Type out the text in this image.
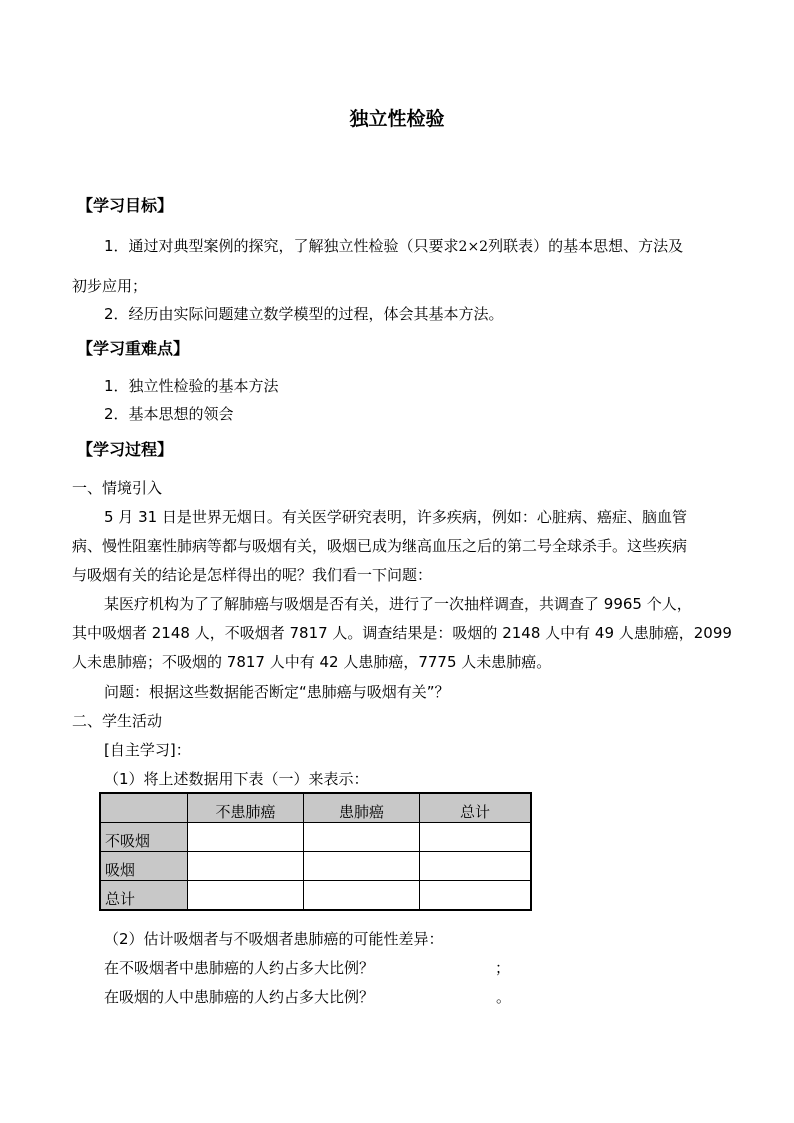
独立性检验
【学习目标】
1．通过对典型案例的探究，了解独立性检验（只要求2×2列联表）的基本思想、方法及
初步应用；
2．经历由实际问题建立数学模型的过程，体会其基本方法。
【学习重难点】
1．独立性检验的基本方法
2．基本思想的领会
【学习过程】
一、情境引入
5 月 31 日是世界无烟日。有关医学研究表明，许多疾病，例如：心脏病、癌症、脑血管
病、慢性阻塞性肺病等都与吸烟有关，吸烟已成为继高血压之后的第二号全球杀手。这些疾病
与吸烟有关的结论是怎样得出的呢？我们看一下问题：
某医疗机构为了了解肺癌与吸烟是否有关，进行了一次抽样调查，共调查了 9965 个人，
其中吸烟者 2148 人，不吸烟者 7817 人。调查结果是：吸烟的 2148 人中有 49 人患肺癌，2099
人未患肺癌；不吸烟的 7817 人中有 42 人患肺癌，7775 人未患肺癌。
问题：根据这些数据能否断定“患肺癌与吸烟有关”？
二、学生活动
[自主学习]：
（1）将上述数据用下表（一）来表示：
	不患肺癌	患肺癌	总计
不吸烟			
吸烟			
总计			
（2）估计吸烟者与不吸烟者患肺癌的可能性差异：
在不吸烟者中患肺癌的人约占多大比例？	；
在吸烟的人中患肺癌的人约占多大比例？	。
